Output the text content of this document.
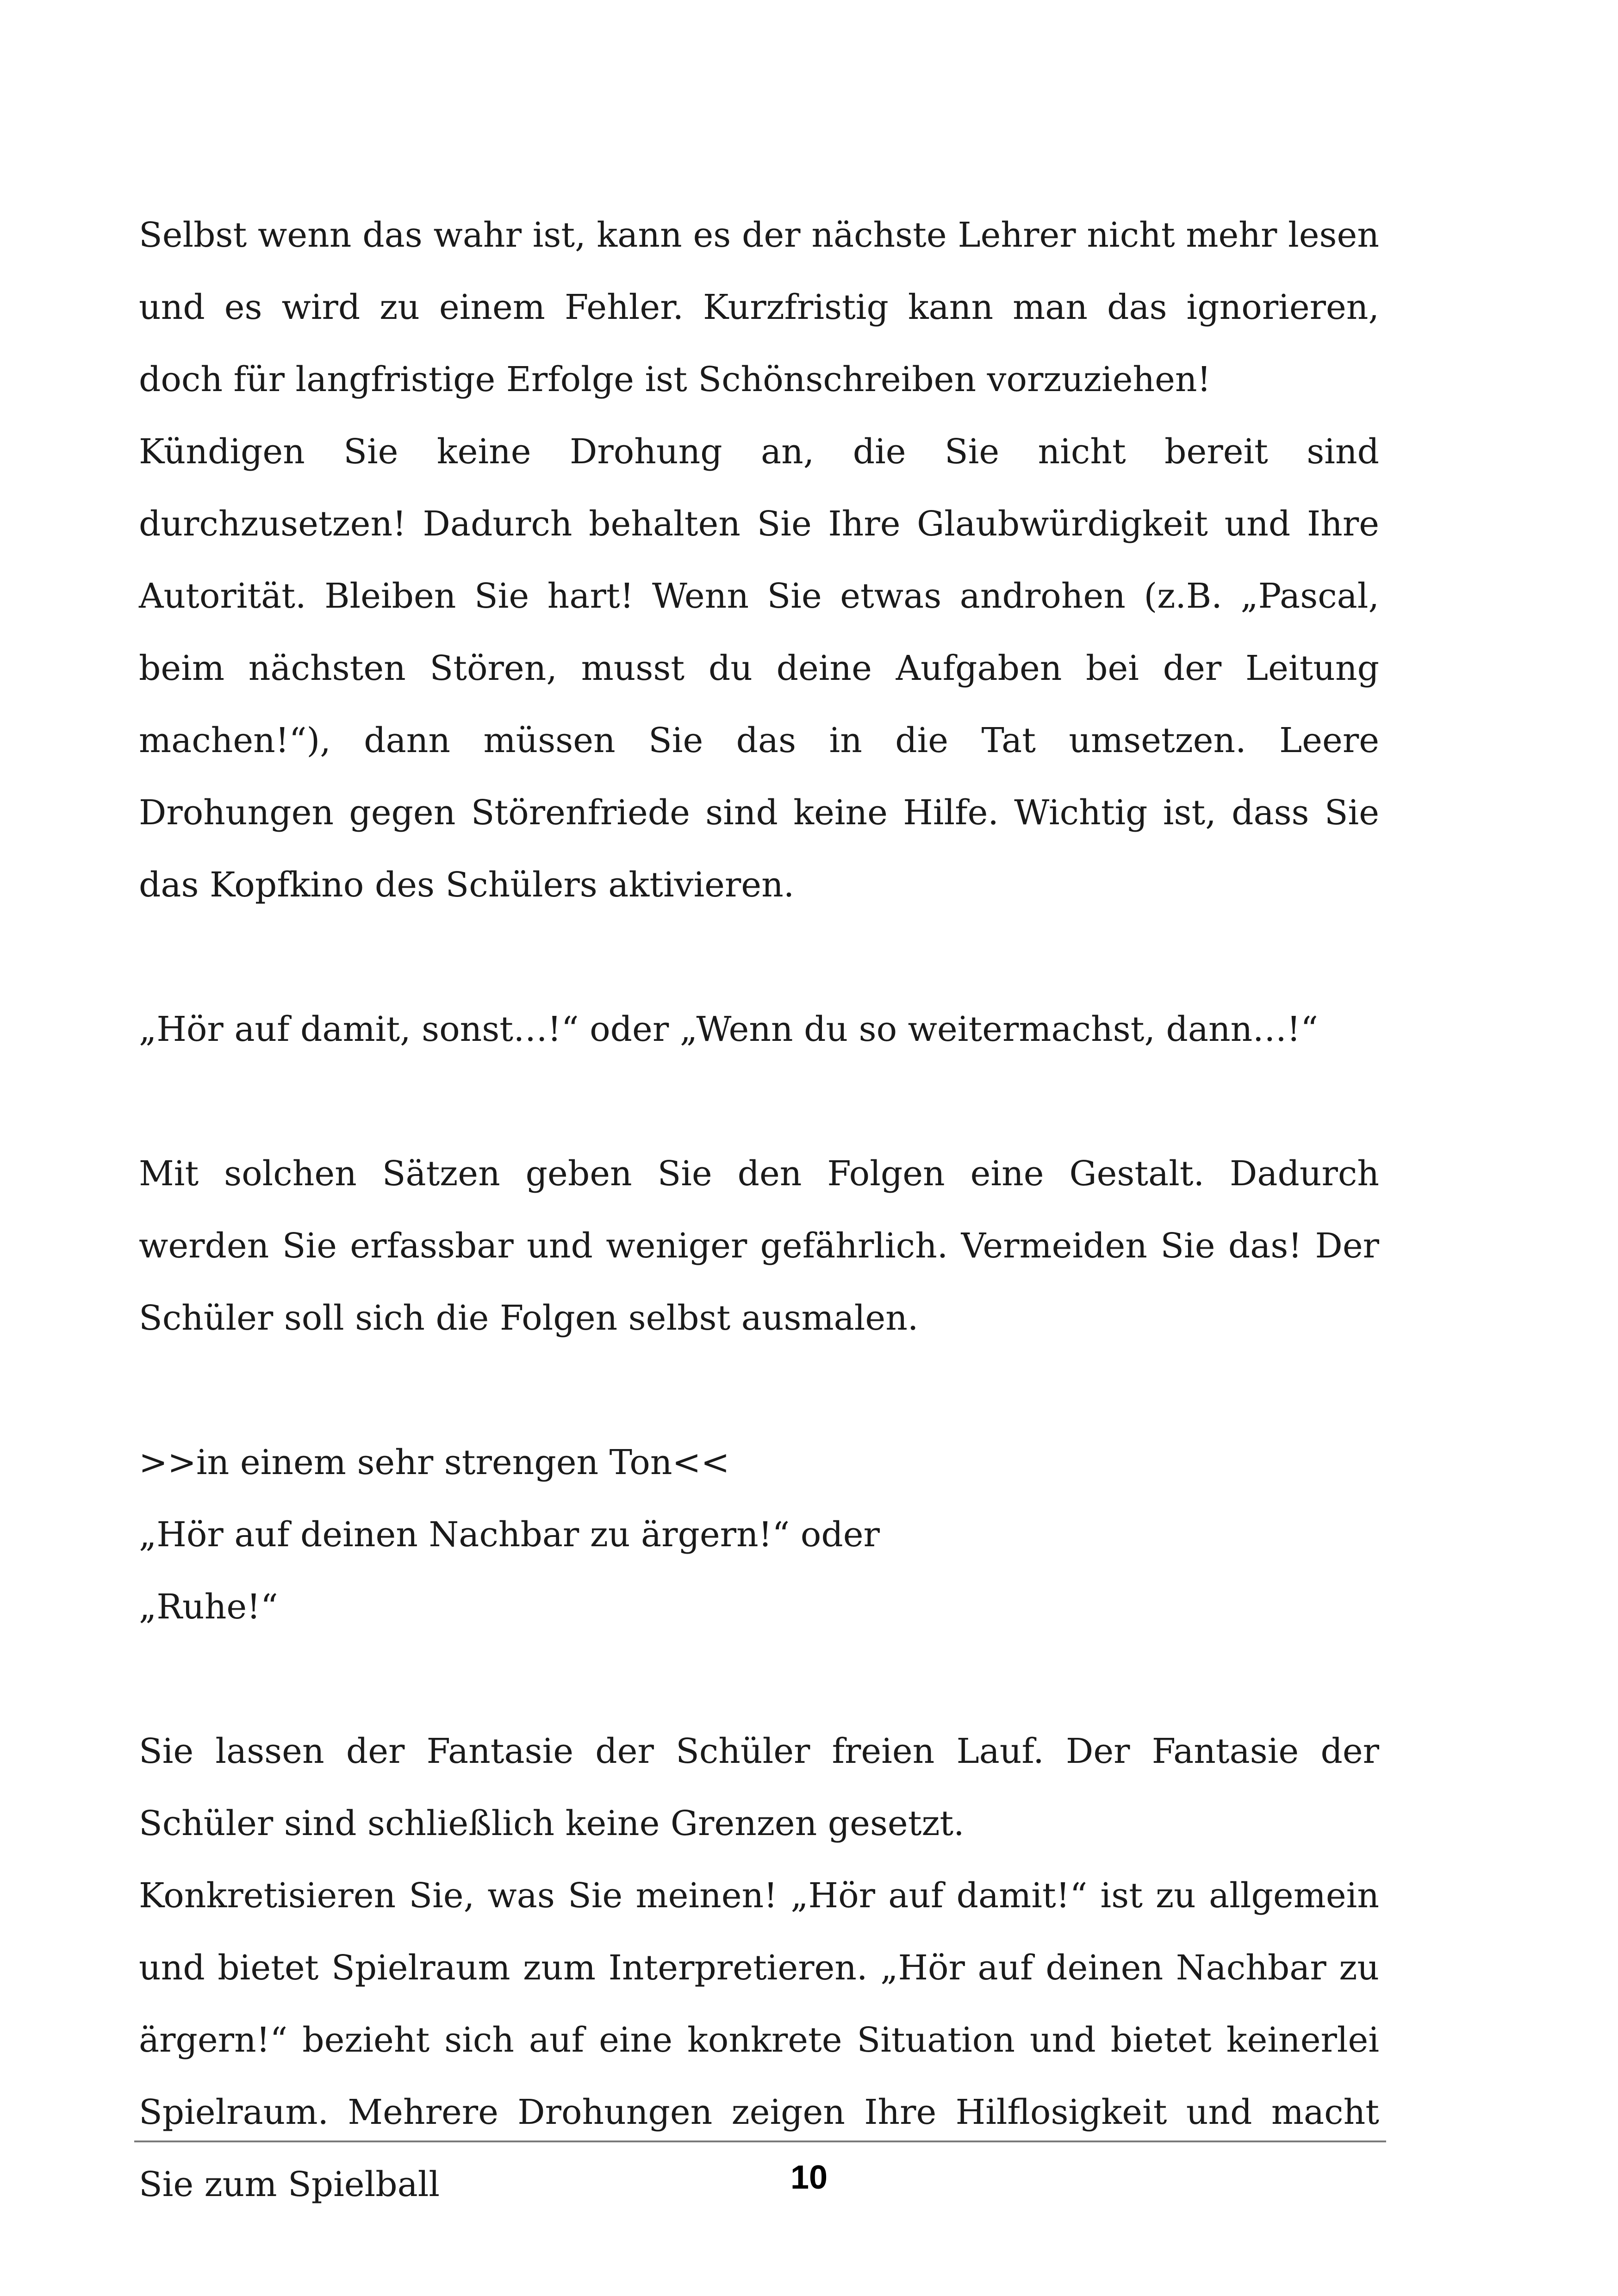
Selbst wenn das wahr ist, kann es der nächste Lehrer nicht mehr lesen und es wird zu einem Fehler. Kurzfristig kann man das ignorieren, doch für langfristige Erfolge ist Schönschreiben vorzuziehen!

Kündigen Sie keine Drohung an, die Sie nicht bereit sind durchzusetzen! Dadurch behalten Sie Ihre Glaubwürdigkeit und Ihre Autorität. Bleiben Sie hart! Wenn Sie etwas androhen (z.B. „Pascal, beim nächsten Stören, musst du deine Aufgaben bei der Leitung machen!“), dann müssen Sie das in die Tat umsetzen. Leere Drohungen gegen Störenfriede sind keine Hilfe. Wichtig ist, dass Sie das Kopfkino des Schülers aktivieren.

„Hör auf damit, sonst…!“ oder „Wenn du so weitermachst, dann…!“

Mit solchen Sätzen geben Sie den Folgen eine Gestalt. Dadurch werden Sie erfassbar und weniger gefährlich. Vermeiden Sie das! Der Schüler soll sich die Folgen selbst ausmalen.

>>in einem sehr strengen Ton<<

„Hör auf deinen Nachbar zu ärgern!“ oder

„Ruhe!“

Sie lassen der Fantasie der Schüler freien Lauf. Der Fantasie der Schüler sind schließlich keine Grenzen gesetzt.

Konkretisieren Sie, was Sie meinen! „Hör auf damit!“ ist zu allgemein und bietet Spielraum zum Interpretieren. „Hör auf deinen Nachbar zu ärgern!“ bezieht sich auf eine konkrete Situation und bietet keinerlei Spielraum. Mehrere Drohungen zeigen Ihre Hilflosigkeit und macht Sie zum Spielball	10
